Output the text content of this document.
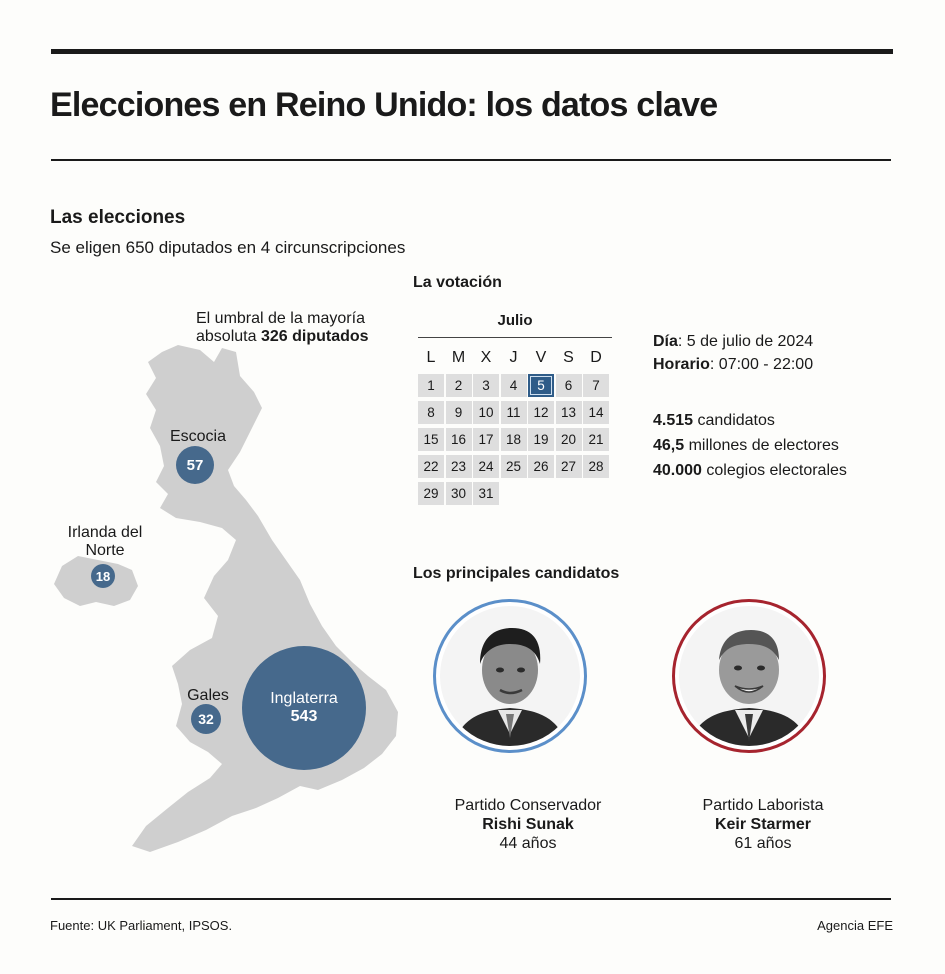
Elecciones en Reino Unido: los datos clave
Las elecciones
Se eligen 650 diputados en 4 circunscripciones
El umbral de la mayoría
absoluta 326 diputados
Escocia
57
Irlanda del
Norte
18
Gales
32
Inglaterra
543
La votación
Julio
L	M X	J	V	S	D
1	2	3	4	5	6	7
8	9	10 11 12 13 14
15 16 17 18 19 20 21
22 23 24 25 26 27 28
29 30 31
Día: 5 de julio de 2024
Horario: 07:00 - 22:00
4.515 candidatos
46,5 millones de electores
40.000 colegios electorales
Los principales candidatos
Partido Conservador
Rishi Sunak
44 años
Partido Laborista
Keir Starmer
61 años
Fuente: UK Parliament, IPSOS.	Agencia EFE
